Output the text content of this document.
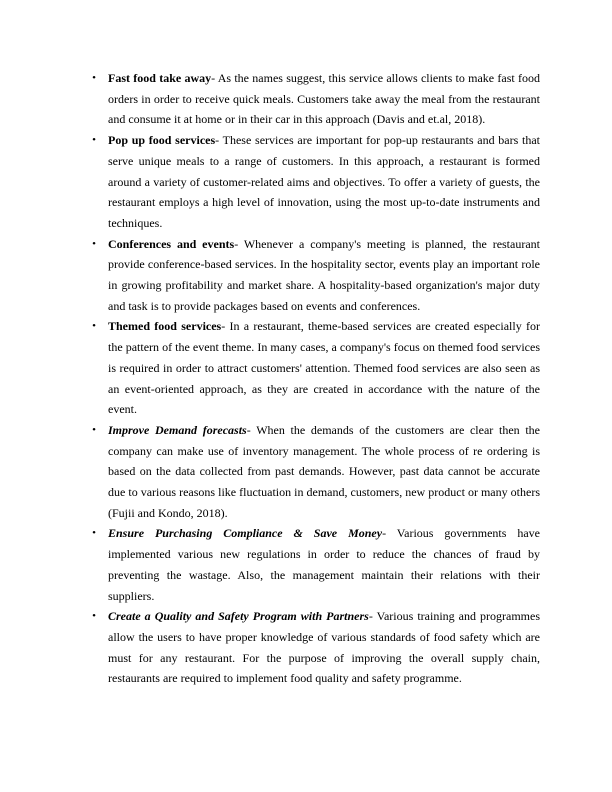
• Fast food take away- As the names suggest, this service allows clients to make fast food orders in order to receive quick meals. Customers take away the meal from the restaurant and consume it at home or in their car in this approach (Davis and et.al, 2018).
• Pop up food services- These services are important for pop-up restaurants and bars that serve unique meals to a range of customers. In this approach, a restaurant is formed around a variety of customer-related aims and objectives. To offer a variety of guests, the restaurant employs a high level of innovation, using the most up-to-date instruments and techniques.
• Conferences and events- Whenever a company's meeting is planned, the restaurant provide conference-based services. In the hospitality sector, events play an important role in growing profitability and market share. A hospitality-based organization's major duty and task is to provide packages based on events and conferences.
• Themed food services- In a restaurant, theme-based services are created especially for the pattern of the event theme. In many cases, a company's focus on themed food services is required in order to attract customers' attention. Themed food services are also seen as an event-oriented approach, as they are created in accordance with the nature of the event.
• Improve Demand forecasts- When the demands of the customers are clear then the company can make use of inventory management. The whole process of re ordering is based on the data collected from past demands. However, past data cannot be accurate due to various reasons like fluctuation in demand, customers, new product or many others (Fujii and Kondo, 2018).
• Ensure Purchasing Compliance & Save Money- Various governments have implemented various new regulations in order to reduce the chances of fraud by preventing the wastage. Also, the management maintain their relations with their suppliers.
• Create a Quality and Safety Program with Partners- Various training and programmes allow the users to have proper knowledge of various standards of food safety which are must for any restaurant. For the purpose of improving the overall supply chain, restaurants are required to implement food quality and safety programme.
